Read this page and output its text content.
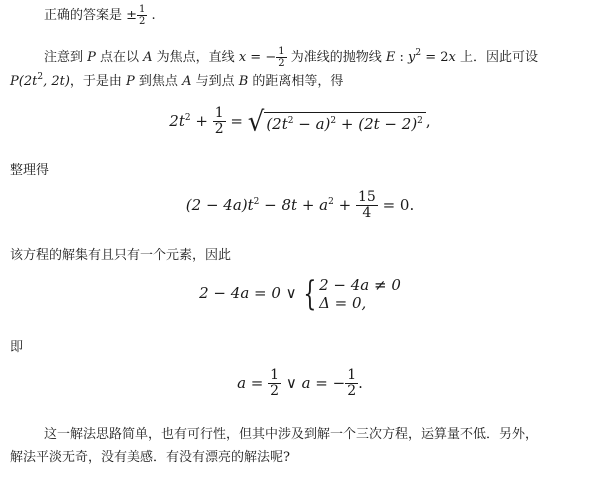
正确的答案是 ± $\frac{1}{2}$ .
注意到 P 点在以 A 为焦点，直线 x = − $\frac{1}{2}$ 为准线的抛物线 E : $y^2 = 2x$ 上．因此可设
$P(2t^2$, 2t)，于是由 P 到焦点 A 与到点 B 的距离相等，得
$2t^2 + \frac{1}{2}$ = √ $(2t^2 - a)^2 + (2t - 2)^2$ ,
整理得
$(2 - 4a)t^2 - 8t + a^2 + \frac{15}{4} = 0$.
该方程的解集有且只有一个元素，因此
2 − 4a = 0 ∨ { 2 − 4a ≠ 0
Δ = 0,
即
$a = \frac{1}{2}$ ∨ a = − $\frac{1}{2}$ .
这一解法思路简单，也有可行性，但其中涉及到解一个三次方程，运算量不低．另外，
解法平淡无奇，没有美感．有没有漂亮的解法呢?
